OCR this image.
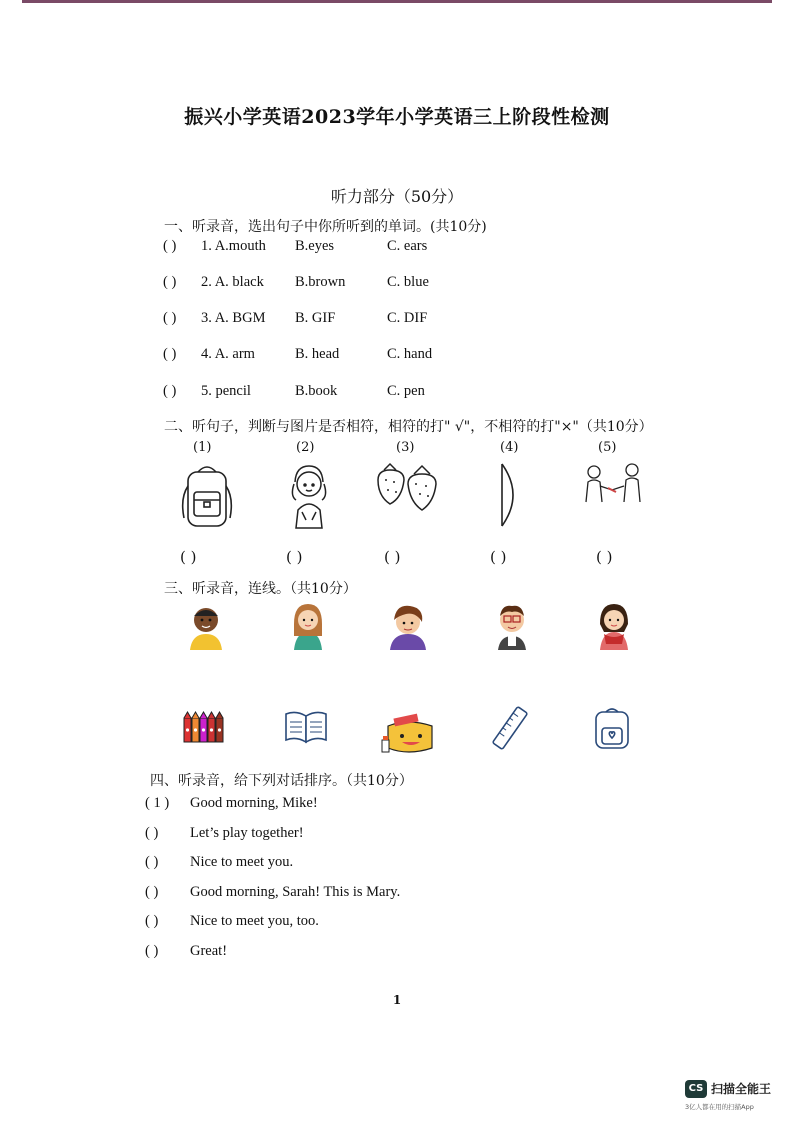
振兴小学英语2023学年小学英语三上阶段性检测
听力部分（50分）
一、听录音，选出句子中你所听到的单词。(共10分)
( ) 1. A.mouth B.eyes	C. ears
( ) 2. A. black B.brown	C. blue
( ) 3. A. BGM B. GIF	C. DIF
( ) 4. A. arm	B. head	C. hand
( ) 5. pencil	B.book	C. pen
二、听句子，判断与图片是否相符，相符的打" √"，不相符的打"×"（共10分）
(1)	(2)	(3)	(4)	(5)
( )	( )	( )	( )	( )
三、听录音，连线。（共10分）
四、听录音，给下列对话排序。（共10分）
( 1 ) Good morning, Mike!
( ) Let’s play together!
( ) Nice to meet you.
( ) Good morning, Sarah! This is Mary.
( ) Nice to meet you, too.
( ) Great!
1
CS 扫描全能王
3亿人都在用的扫描App
